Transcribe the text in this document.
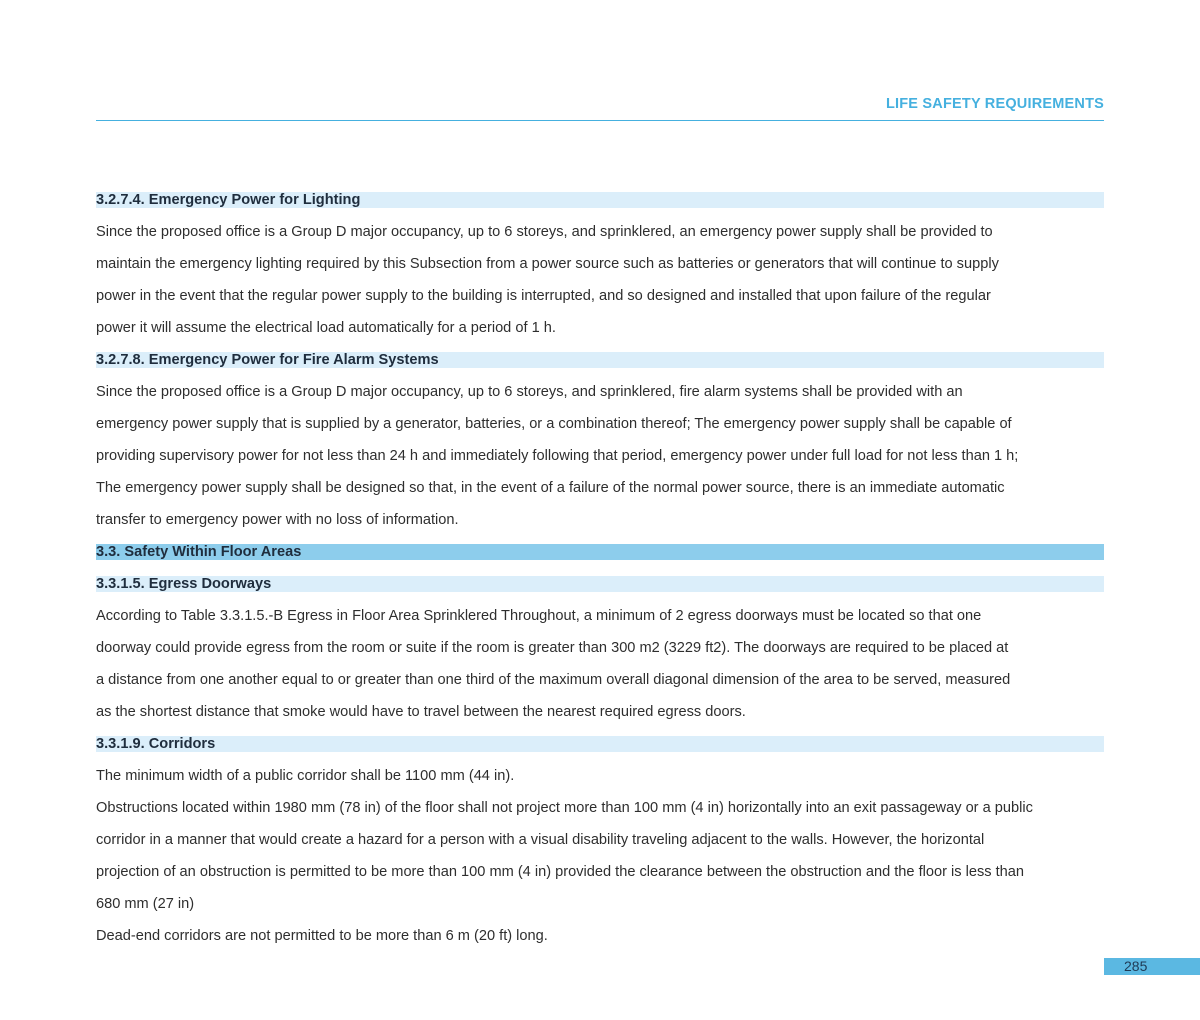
LIFE SAFETY REQUIREMENTS
3.2.7.4. Emergency Power for Lighting
Since the proposed office is a Group D major occupancy, up to 6 storeys, and sprinklered, an emergency power supply shall be provided to
maintain the emergency lighting required by this Subsection from a power source such as batteries or generators that will continue to supply
power in the event that the regular power supply to the building is interrupted, and so designed and installed that upon failure of the regular
power it will assume the electrical load automatically for a period of 1 h.
3.2.7.8. Emergency Power for Fire Alarm Systems
Since the proposed office is a Group D major occupancy, up to 6 storeys, and sprinklered, fire alarm systems shall be provided with an
emergency power supply that is supplied by a generator, batteries, or a combination thereof; The emergency power supply shall be capable of
providing supervisory power for not less than 24 h and immediately following that period, emergency power under full load for not less than 1 h;
The emergency power supply shall be designed so that, in the event of a failure of the normal power source, there is an immediate automatic
transfer to emergency power with no loss of information.
3.3. Safety Within Floor Areas
3.3.1.5. Egress Doorways
According to Table 3.3.1.5.-B Egress in Floor Area Sprinklered Throughout, a minimum of 2 egress doorways must be located so that one
doorway could provide egress from the room or suite if the room is greater than 300 m2 (3229 ft2). The doorways are required to be placed at
a distance from one another equal to or greater than one third of the maximum overall diagonal dimension of the area to be served, measured
as the shortest distance that smoke would have to travel between the nearest required egress doors.
3.3.1.9. Corridors
The minimum width of a public corridor shall be 1100 mm (44 in).
Obstructions located within 1980 mm (78 in) of the floor shall not project more than 100 mm (4 in) horizontally into an exit passageway or a public
corridor in a manner that would create a hazard for a person with a visual disability traveling adjacent to the walls. However, the horizontal
projection of an obstruction is permitted to be more than 100 mm (4 in) provided the clearance between the obstruction and the floor is less than
680 mm (27 in)
Dead-end corridors are not permitted to be more than 6 m (20 ft) long.
285
